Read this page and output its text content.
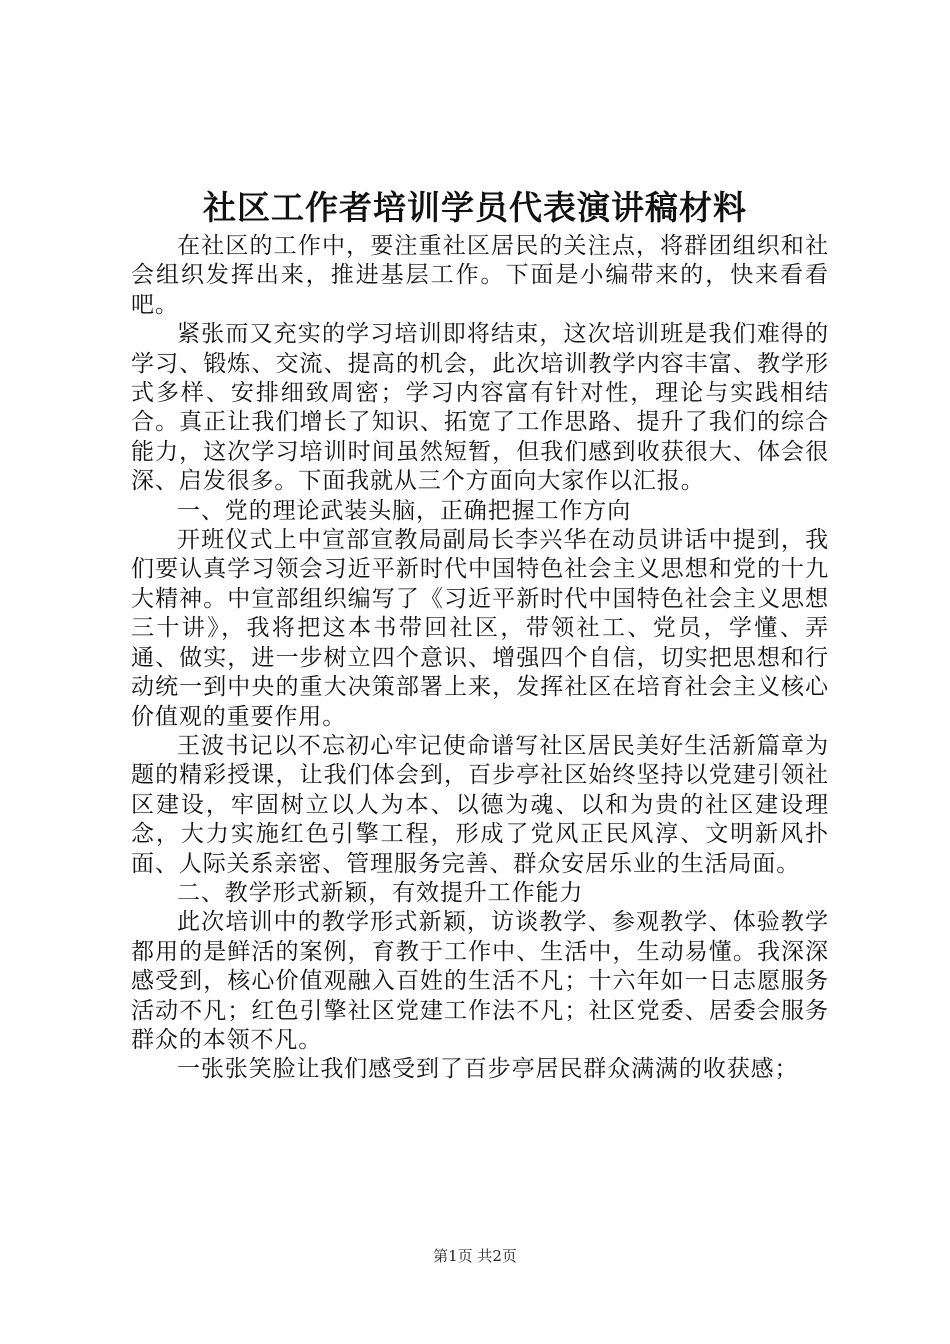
社区工作者培训学员代表演讲稿材料

在社区的工作中，要注重社区居民的关注点，将群团组织和社会组织发挥出来，推进基层工作。下面是小编带来的，快来看看吧。

紧张而又充实的学习培训即将结束，这次培训班是我们难得的学习、锻炼、交流、提高的机会，此次培训教学内容丰富、教学形式多样、安排细致周密；学习内容富有针对性，理论与实践相结合。真正让我们增长了知识、拓宽了工作思路、提升了我们的综合能力，这次学习培训时间虽然短暂，但我们感到收获很大、体会很深、启发很多。下面我就从三个方面向大家作以汇报。

一、党的理论武装头脑，正确把握工作方向

开班仪式上中宣部宣教局副局长李兴华在动员讲话中提到，我们要认真学习领会习近平新时代中国特色社会主义思想和党的十九大精神。中宣部组织编写了《习近平新时代中国特色社会主义思想三十讲》，我将把这本书带回社区，带领社工、党员，学懂、弄通、做实，进一步树立四个意识、增强四个自信，切实把思想和行动统一到中央的重大决策部署上来，发挥社区在培育社会主义核心价值观的重要作用。

王波书记以不忘初心牢记使命谱写社区居民美好生活新篇章为题的精彩授课，让我们体会到，百步亭社区始终坚持以党建引领社区建设，牢固树立以人为本、以德为魂、以和为贵的社区建设理念，大力实施红色引擎工程，形成了党风正民风淳、文明新风扑面、人际关系亲密、管理服务完善、群众安居乐业的生活局面。

二、教学形式新颖，有效提升工作能力

此次培训中的教学形式新颖，访谈教学、参观教学、体验教学都用的是鲜活的案例，育教于工作中、生活中，生动易懂。我深深感受到，核心价值观融入百姓的生活不凡；十六年如一日志愿服务活动不凡；红色引擎社区党建工作法不凡；社区党委、居委会服务群众的本领不凡。

一张张笑脸让我们感受到了百步亭居民群众满满的收获感；

第1页 共2页
